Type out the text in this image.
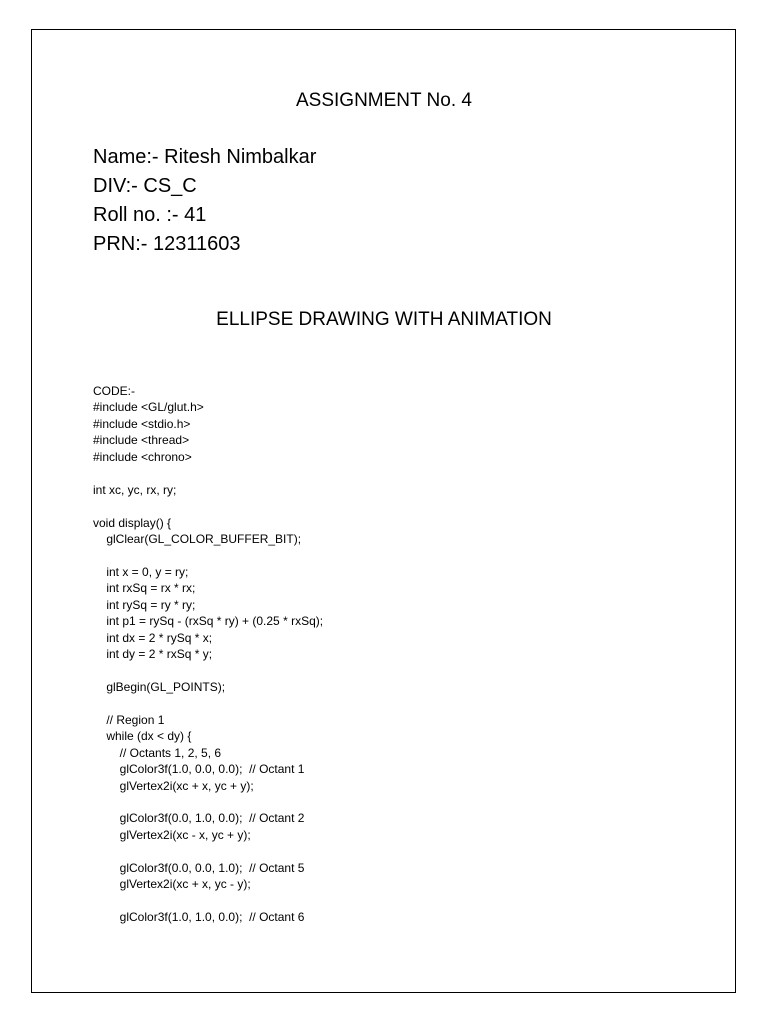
ASSIGNMENT No. 4
Name:- Ritesh Nimbalkar
DIV:- CS_C
Roll no. :- 41
PRN:- 12311603
ELLIPSE DRAWING WITH ANIMATION
CODE:-
#include <GL/glut.h>
#include <stdio.h>
#include <thread>
#include <chrono>
int xc, yc, rx, ry;
void display() {
glClear(GL_COLOR_BUFFER_BIT);
int x = 0, y = ry;
int rxSq = rx * rx;
int rySq = ry * ry;
int p1 = rySq - (rxSq * ry) + (0.25 * rxSq);
int dx = 2 * rySq * x;
int dy = 2 * rxSq * y;
glBegin(GL_POINTS);
// Region 1
while (dx < dy) {
// Octants 1, 2, 5, 6
glColor3f(1.0, 0.0, 0.0);  // Octant 1
glVertex2i(xc + x, yc + y);
glColor3f(0.0, 1.0, 0.0);  // Octant 2
glVertex2i(xc - x, yc + y);
glColor3f(0.0, 0.0, 1.0);  // Octant 5
glVertex2i(xc + x, yc - y);
glColor3f(1.0, 1.0, 0.0);  // Octant 6
